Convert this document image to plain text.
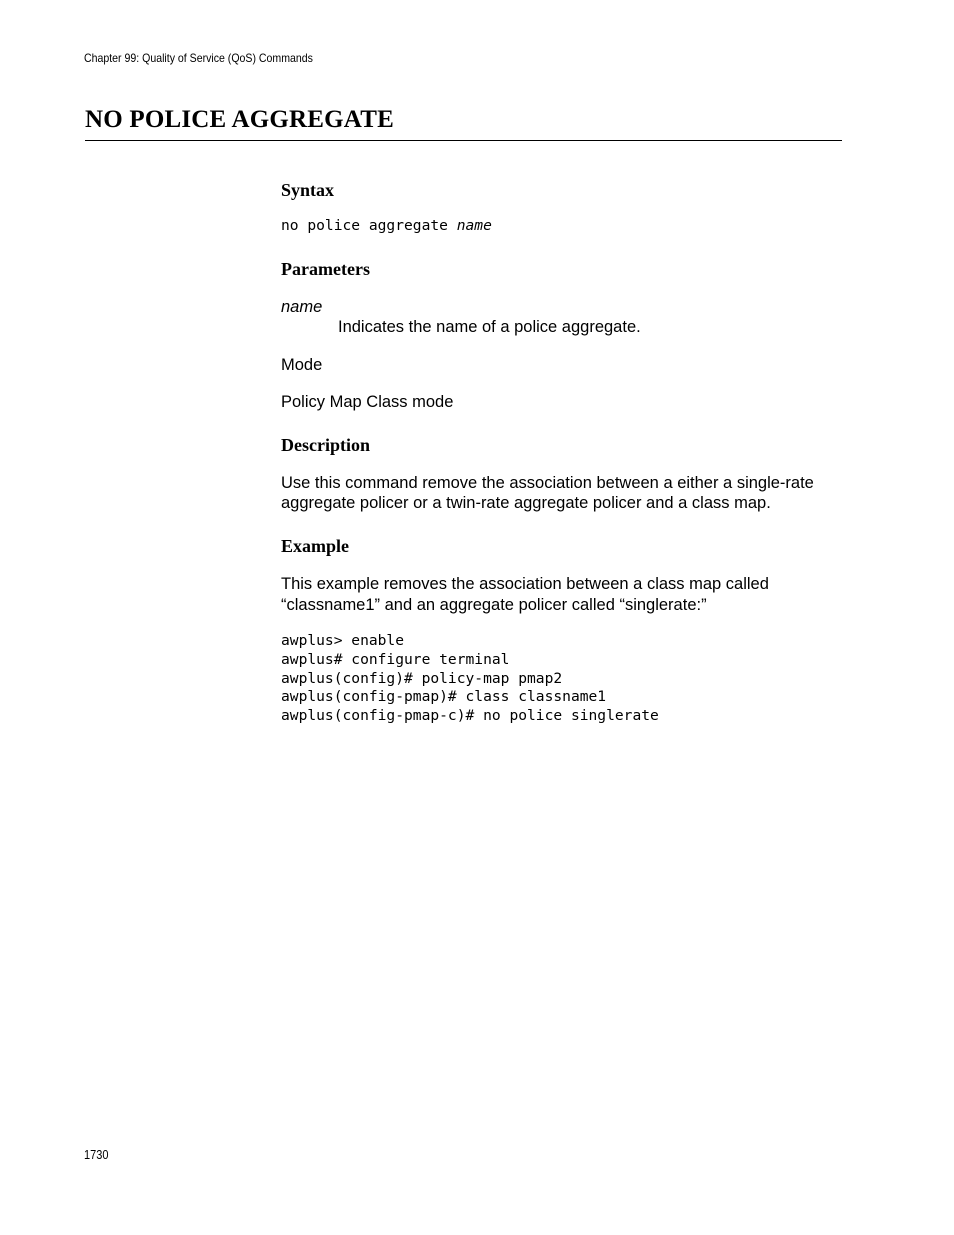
Chapter 99: Quality of Service (QoS) Commands
NO POLICE AGGREGATE
Syntax
no police aggregate name
Parameters
name
Indicates the name of a police aggregate.

Mode

Policy Map Class mode

Description

Use this command remove the association between a either a single-rate

aggregate policer or a twin-rate aggregate policer and a class map.

Example

This example removes the association between a class map called

“classname1” and an aggregate policer called “singlerate:”

awplus> enable
awplus# configure terminal
awplus(config)# policy-map pmap2
awplus(config-pmap)# class classname1
awplus(config-pmap-c)# no police singlerate
1730
